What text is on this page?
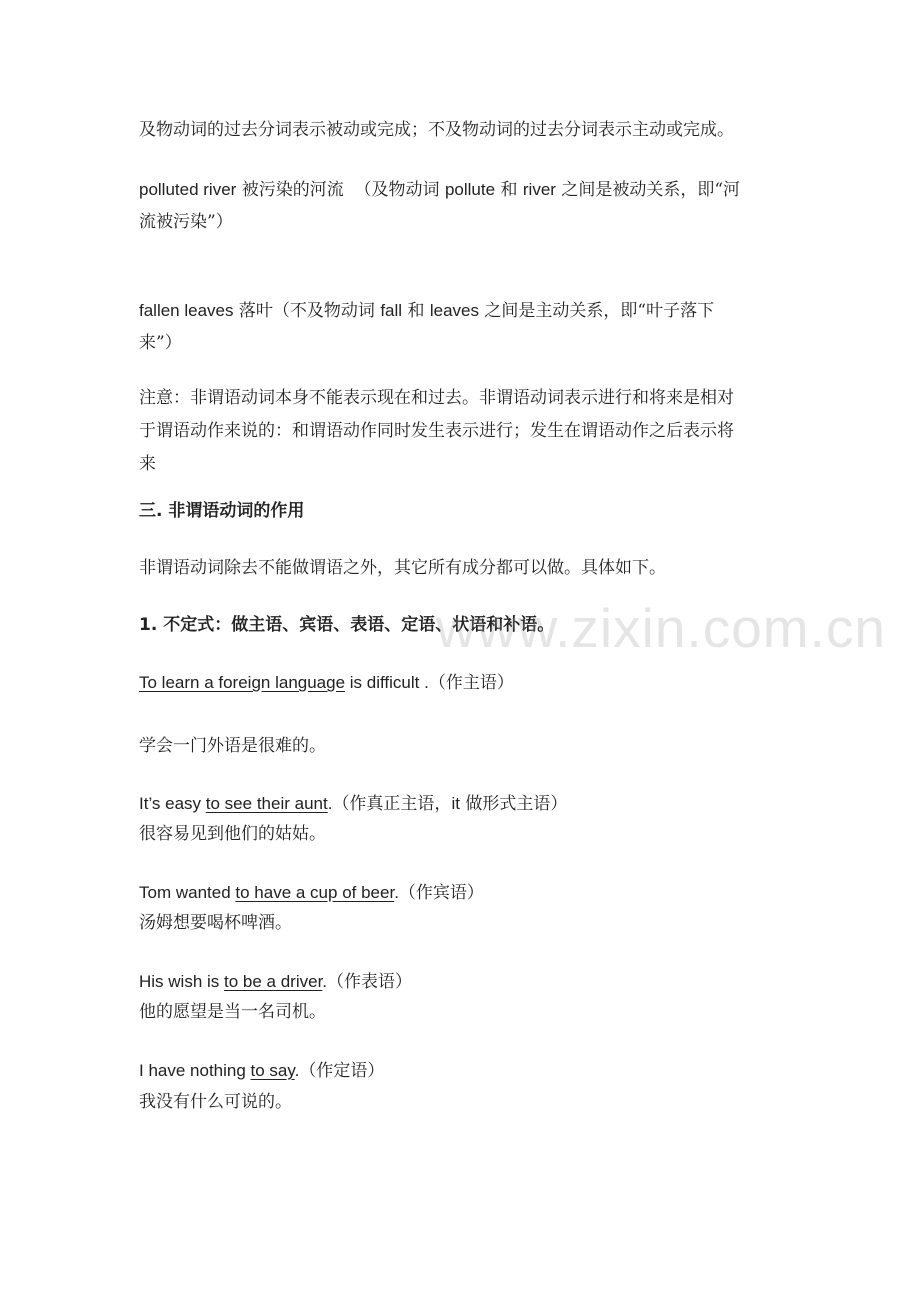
及物动词的过去分词表示被动或完成；不及物动词的过去分词表示主动或完成。
polluted river 被污染的河流 （及物动词 pollute 和 river 之间是被动关系，即“河
流被污染”）
fallen leaves 落叶（不及物动词 fall 和 leaves 之间是主动关系，即“叶子落下
来”）
注意：非谓语动词本身不能表示现在和过去。非谓语动词表示进行和将来是相对
于谓语动作来说的：和谓语动作同时发生表示进行；发生在谓语动作之后表示将
来
三. 非谓语动词的作用
非谓语动词除去不能做谓语之外，其它所有成分都可以做。具体如下。
1. 不定式：做主语、宾语、表语、定语、状语和补语。
To learn a foreign language is difficult .（作主语）
学会一门外语是很难的。
It’s easy to see their aunt.（作真正主语，it 做形式主语）
很容易见到他们的姑姑。
Tom wanted to have a cup of beer.（作宾语）
汤姆想要喝杯啤酒。
His wish is to be a driver.（作表语）
他的愿望是当一名司机。
I have nothing to say.（作定语）
我没有什么可说的。
www.zixin.com.cn
